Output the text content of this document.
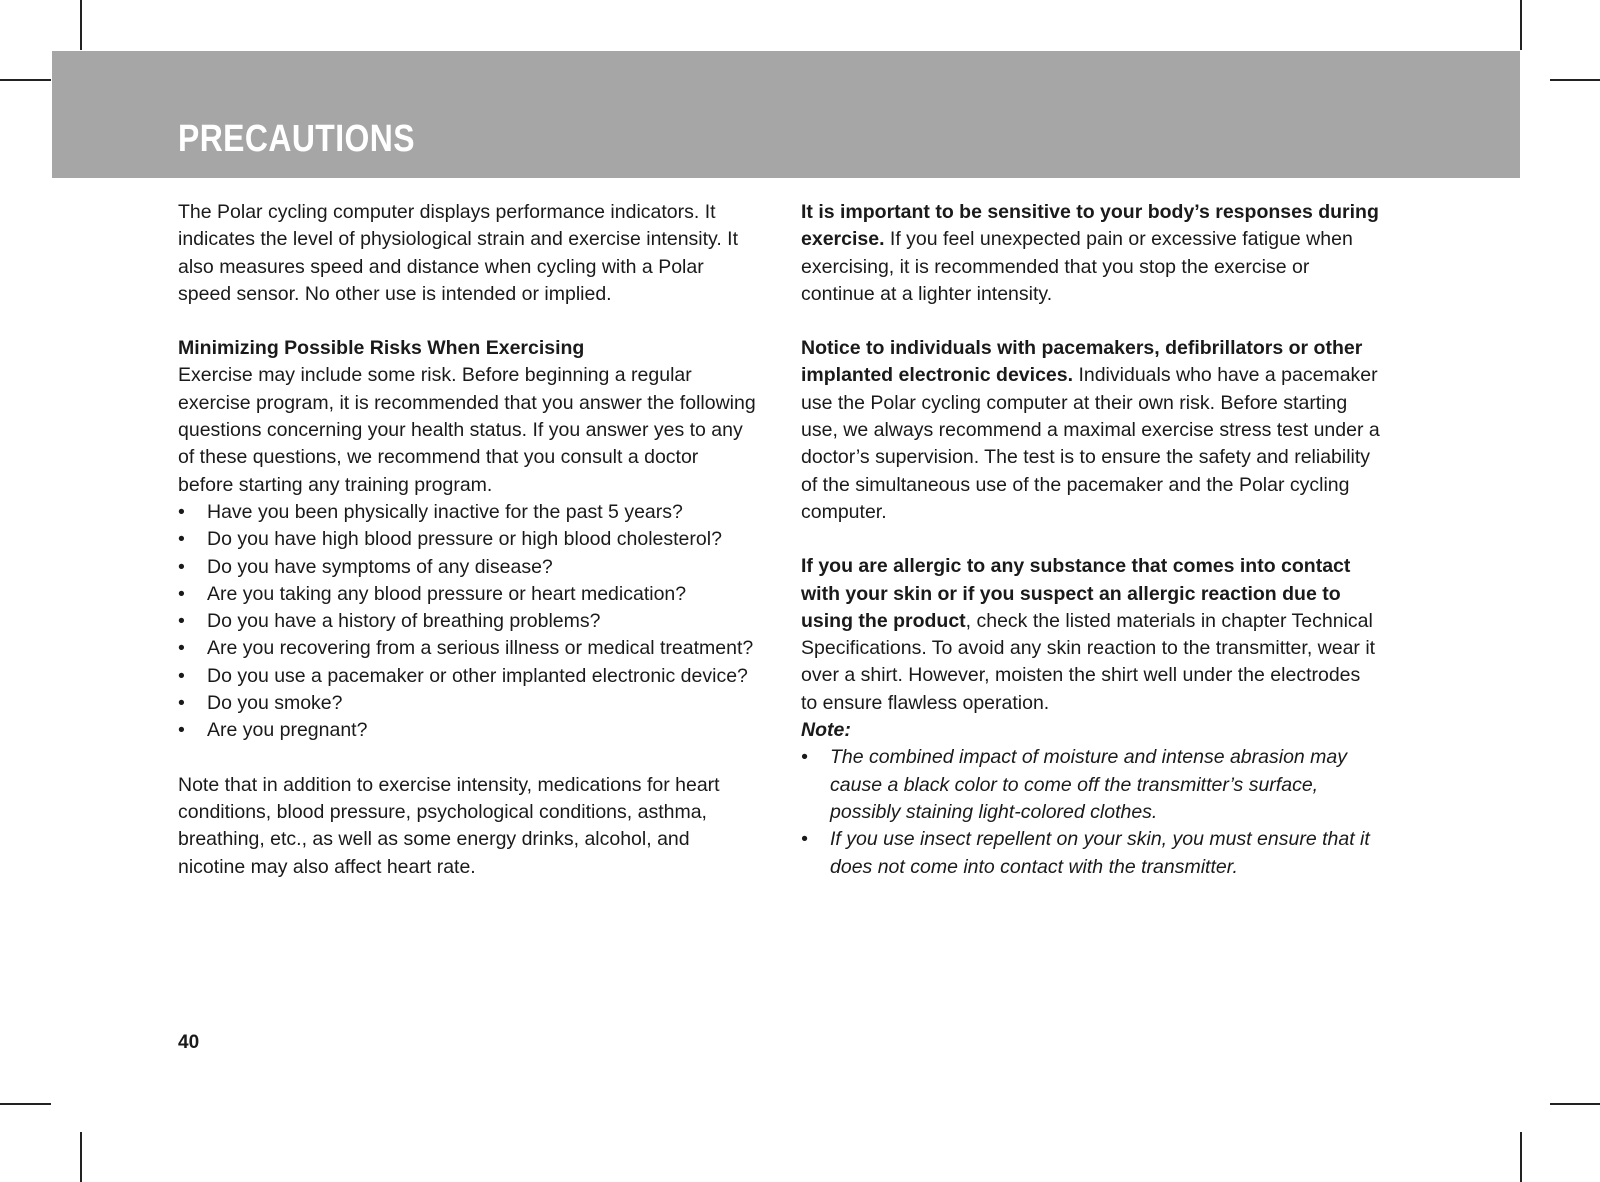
PRECAUTIONS

The Polar cycling computer displays performance indicators. It indicates the level of physiological strain and exercise intensity. It also measures speed and distance when cycling with a Polar speed sensor. No other use is intended or implied.

Minimizing Possible Risks When Exercising

Exercise may include some risk. Before beginning a regular exercise program, it is recommended that you answer the following questions concerning your health status. If you answer yes to any of these questions, we recommend that you consult a doctor before starting any training program.

•	Have you been physically inactive for the past 5 years?
•	Do you have high blood pressure or high blood cholesterol?
•	Do you have symptoms of any disease?
•	Are you taking any blood pressure or heart medication?
•	Do you have a history of breathing problems?
•	Are you recovering from a serious illness or medical treatment?
•	Do you use a pacemaker or other implanted electronic device?
•	Do you smoke?
•	Are you pregnant?

Note that in addition to exercise intensity, medications for heart conditions, blood pressure, psychological conditions, asthma, breathing, etc., as well as some energy drinks, alcohol, and nicotine may also affect heart rate.

It is important to be sensitive to your body’s responses during exercise. If you feel unexpected pain or excessive fatigue when exercising, it is recommended that you stop the exercise or continue at a lighter intensity.

Notice to individuals with pacemakers, defibrillators or other implanted electronic devices. Individuals who have a pacemaker use the Polar cycling computer at their own risk. Before starting use, we always recommend a maximal exercise stress test under a doctor’s supervision. The test is to ensure the safety and reliability of the simultaneous use of the pacemaker and the Polar cycling computer.

If you are allergic to any substance that comes into contact with your skin or if you suspect an allergic reaction due to using the product, check the listed materials in chapter Technical Specifications. To avoid any skin reaction to the transmitter, wear it over a shirt. However, moisten the shirt well under the electrodes to ensure flawless operation.

Note:

•	The combined impact of moisture and intense abrasion may cause a black color to come off the transmitter’s surface, possibly staining light-colored clothes.
•	If you use insect repellent on your skin, you must ensure that it does not come into contact with the transmitter.
40
